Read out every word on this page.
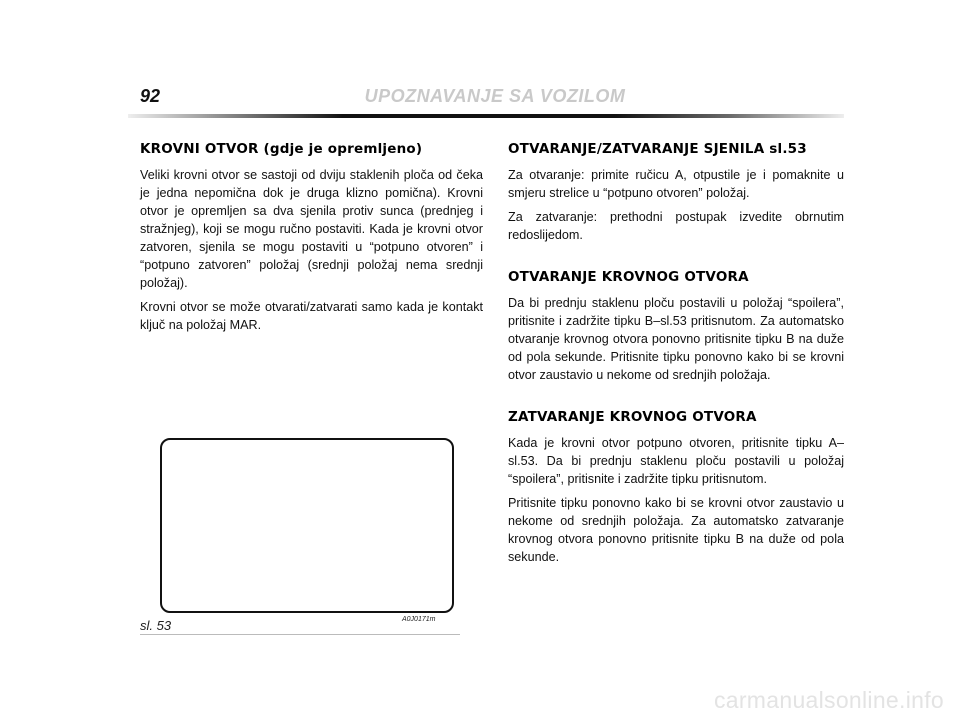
92	UPOZNAVANJE SA VOZILOM
KROVNI OTVOR (gdje je opremljeno)

Veliki krovni otvor se sastoji od dviju staklenih ploča od čeka je jedna nepomična dok je druga klizno pomična). Krovni otvor je opremljen sa dva sjenila protiv sunca (prednjeg i stražnjeg), koji se mogu ručno postaviti. Kada je krovni otvor zatvoren, sjenila se mogu postaviti u “potpuno otvoren” i “potpuno zatvoren” položaj (srednji položaj nema srednji položaj).

Krovni otvor se može otvarati/zatvarati samo kada je kontakt ključ na položaj MAR.

OTVARANJE/ZATVARANJE SJENILA sl.53

Za otvaranje: primite ručicu A, otpustile je i pomaknite u smjeru strelice u “potpuno otvoren” položaj.

Za zatvaranje: prethodni postupak izvedite obrnutim redoslijedom.

OTVARANJE KROVNOG OTVORA

Da bi prednju staklenu ploču postavili u položaj “spoilera”, pritisnite i zadržite tipku B–sl.53 pritisnutom. Za automatsko otvaranje krovnog otvora ponovno pritisnite tipku B na duže od pola sekunde. Pritisnite tipku ponovno kako bi se krovni otvor zaustavio u nekome od srednjih položaja.

ZATVARANJE KROVNOG OTVORA

Kada je krovni otvor potpuno otvoren, pritisnite tipku A–sl.53. Da bi prednju staklenu ploču postavili u položaj “spoilera”, pritisnite i zadržite tipku pritisnutom.

Pritisnite tipku ponovno kako bi se krovni otvor zaustavio u nekome od srednjih položaja. Za automatsko zatvaranje krovnog otvora ponovno pritisnite tipku B na duže od pola sekunde.

A0J0171m
sl. 53
carmanualsonline.info
